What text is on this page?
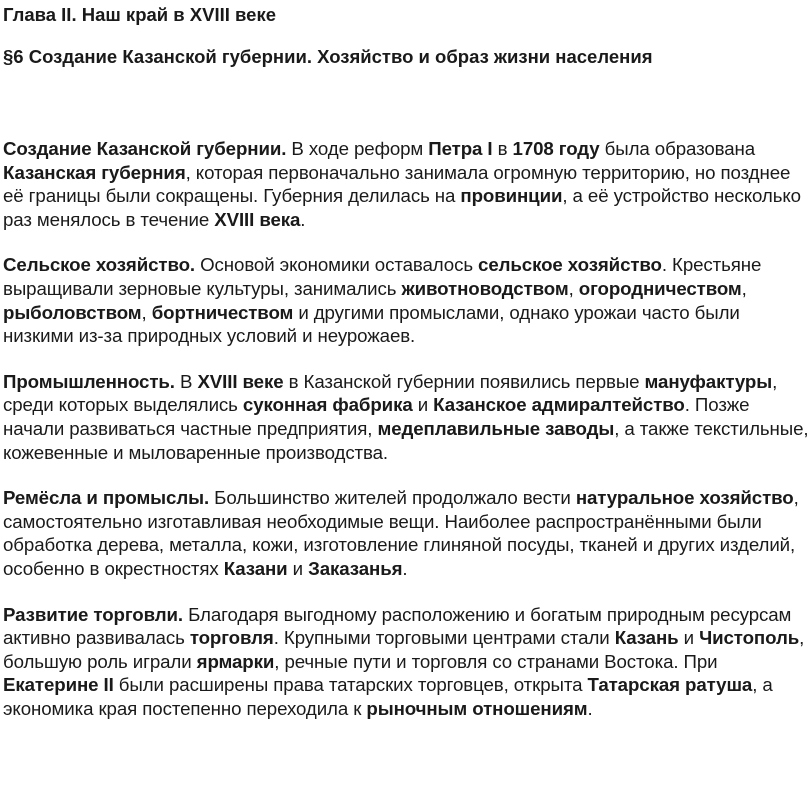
Глава II. Наш край в XVIII веке
§6 Создание Казанской губернии. Хозяйство и образ жизни населения
Создание Казанской губернии. В ходе реформ Петра I в 1708 году была образована Казанская губерния, которая первоначально занимала огромную территорию, но позднее её границы были сокращены. Губерния делилась на провинции, а её устройство несколько раз менялось в течение XVIII века.
Сельское хозяйство. Основой экономики оставалось сельское хозяйство. Крестьяне выращивали зерновые культуры, занимались животноводством, огородничеством, рыболовством, бортничеством и другими промыслами, однако урожаи часто были низкими из-за природных условий и неурожаев.
Промышленность. В XVIII веке в Казанской губернии появились первые мануфактуры, среди которых выделялись суконная фабрика и Казанское адмиралтейство. Позже начали развиваться частные предприятия, медеплавильные заводы, а также текстильные, кожевенные и мыловаренные производства.
Ремёсла и промыслы. Большинство жителей продолжало вести натуральное хозяйство, самостоятельно изготавливая необходимые вещи. Наиболее распространёнными были обработка дерева, металла, кожи, изготовление глиняной посуды, тканей и других изделий, особенно в окрестностях Казани и Заказанья.
Развитие торговли. Благодаря выгодному расположению и богатым природным ресурсам активно развивалась торговля. Крупными торговыми центрами стали Казань и Чистополь, большую роль играли ярмарки, речные пути и торговля со странами Востока. При Екатерине II были расширены права татарских торговцев, открыта Татарская ратуша, а экономика края постепенно переходила к рыночным отношениям.
